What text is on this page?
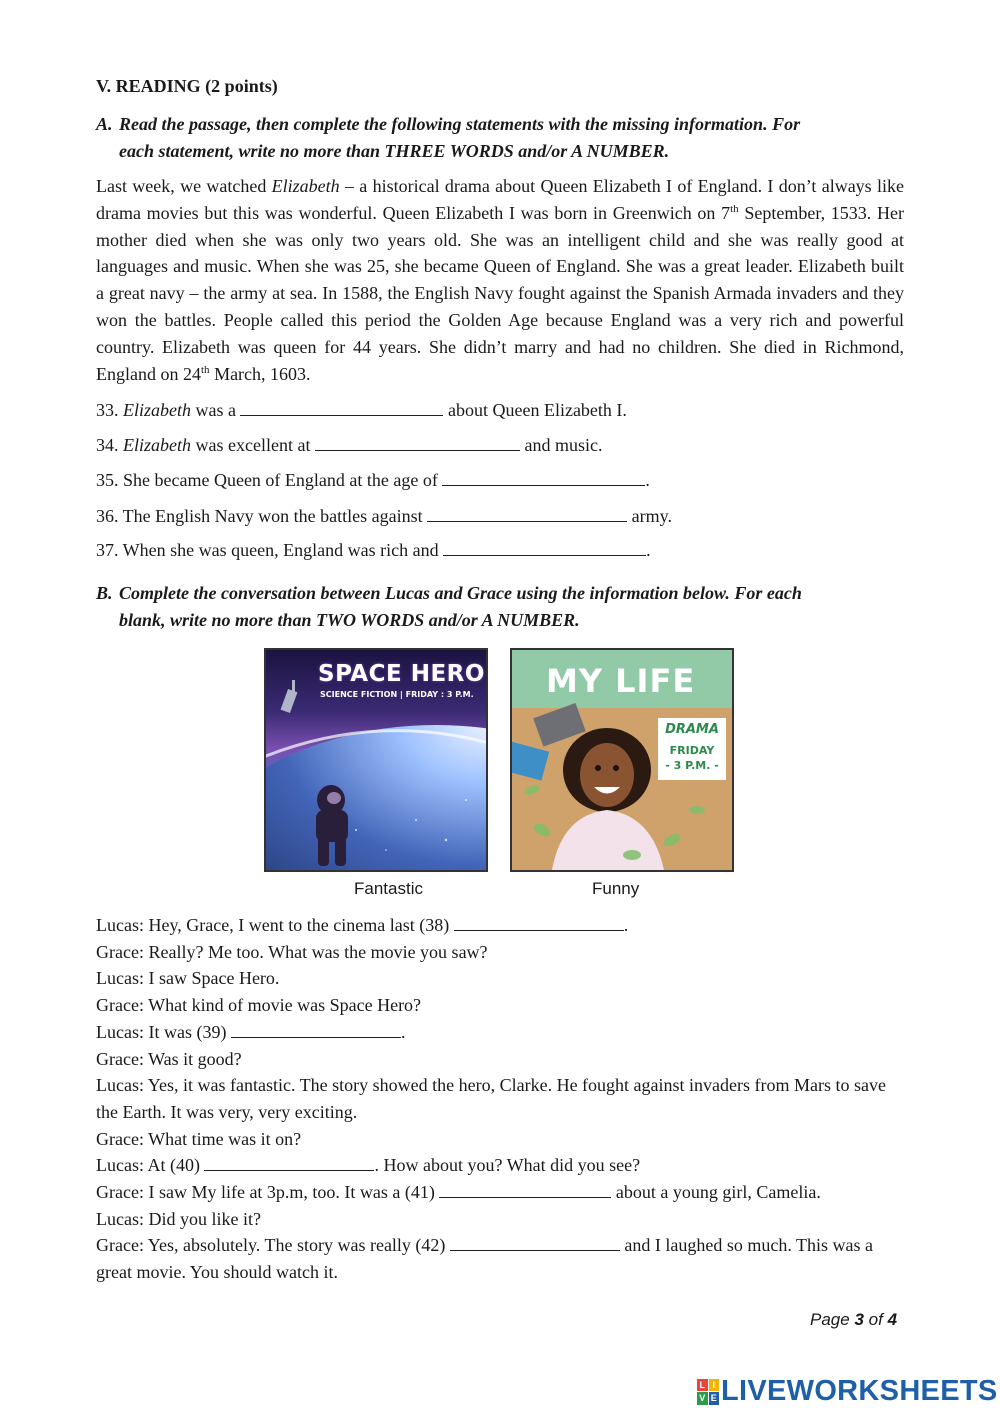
V. READING (2 points)
A. Read the passage, then complete the following statements with the missing information. For
each statement, write no more than THREE WORDS and/or A NUMBER.
Last week, we watched Elizabeth – a historical drama about Queen Elizabeth I of England. I don’t always like drama movies but this was wonderful. Queen Elizabeth I was born in Greenwich on 7th September, 1533. Her mother died when she was only two years old. She was an intelligent child and she was really good at languages and music. When she was 25, she became Queen of England. She was a great leader. Elizabeth built a great navy – the army at sea. In 1588, the English Navy fought against the Spanish Armada invaders and they won the battles. People called this period the Golden Age because England was a very rich and powerful country. Elizabeth was queen for 44 years. She didn’t marry and had no children. She died in Richmond, England on 24th March, 1603.
33. Elizabeth was a	about Queen Elizabeth I.
34. Elizabeth was excellent at	and music.
35. She became Queen of England at the age of	.
36. The English Navy won the battles against	army.
37. When she was queen, England was rich and	.
B. Complete the conversation between Lucas and Grace using the information below. For each
blank, write no more than TWO WORDS and/or A NUMBER.
SPACE HERO
SCIENCE FICTION | FRIDAY : 3 P.M. MY LIFE
DRAMA
FRIDAY
- 3 P.M. -
Fantastic	Funny
Lucas: Hey, Grace, I went to the cinema last (38)	.
Grace: Really? Me too. What was the movie you saw?
Lucas: I saw Space Hero.
Grace: What kind of movie was Space Hero?
Lucas: It was (39)	.
Grace: Was it good?
Lucas: Yes, it was fantastic. The story showed the hero, Clarke. He fought against invaders from Mars to save the Earth. It was very, very exciting.
Grace: What time was it on?
Lucas: At (40)	. How about you? What did you see?
Grace: I saw My life at 3p.m, too. It was a (41)	about a young girl, Camelia.
Lucas: Did you like it?
Grace: Yes, absolutely. The story was really (42)	and I laughed so much. This was a great movie. You should watch it.
Page 3 of 4
L I
V E LIVEWORKSHEETS
